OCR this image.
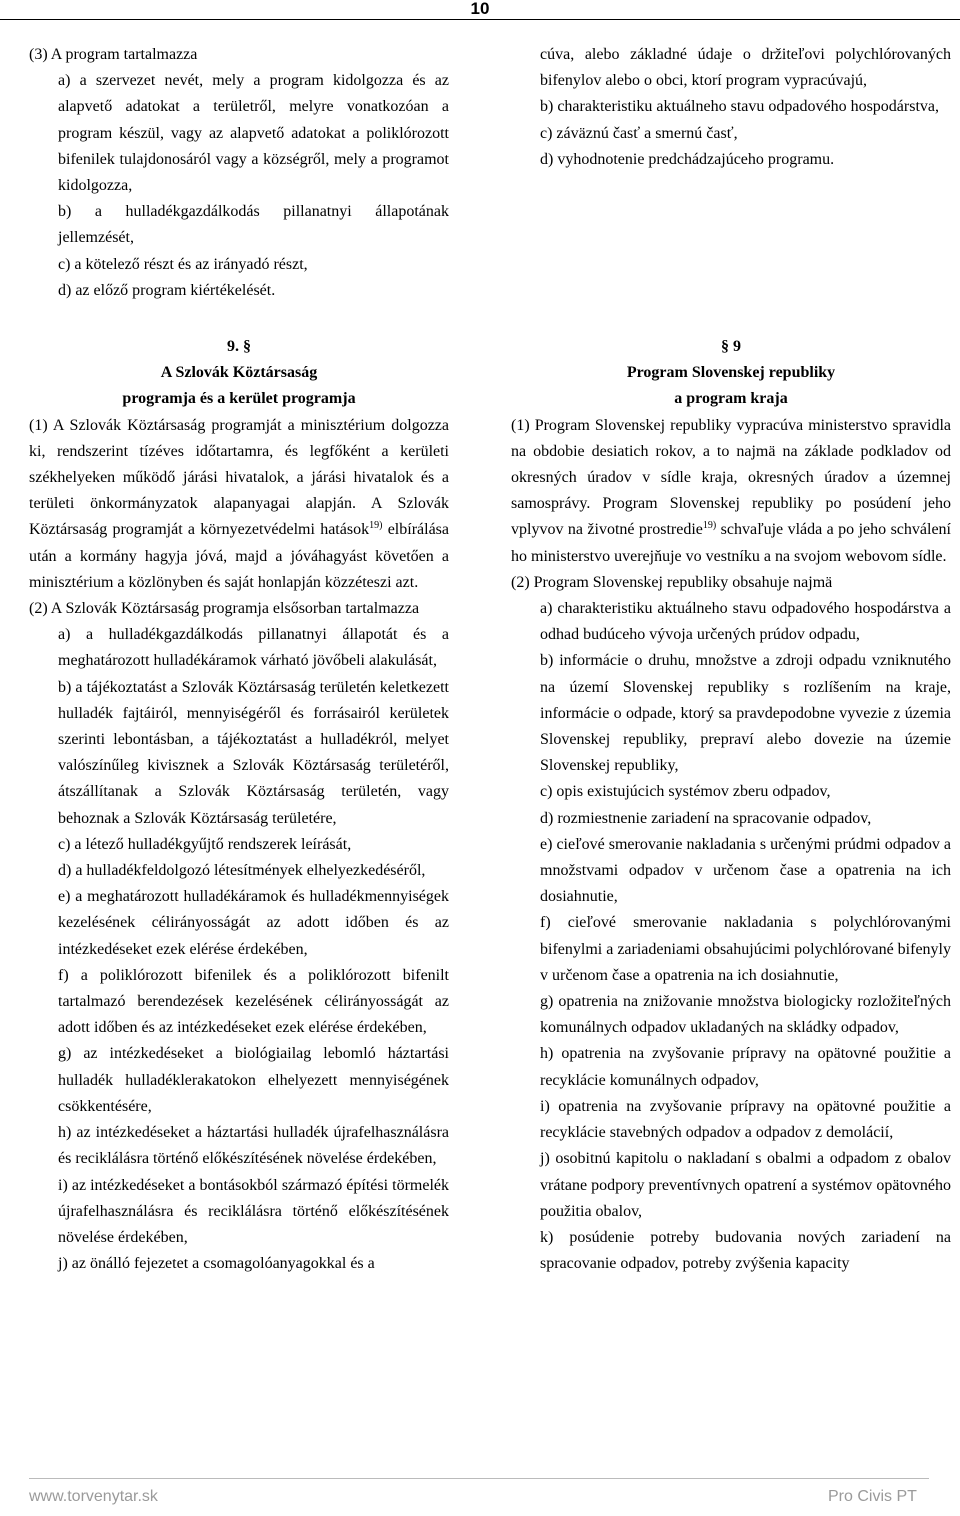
10

(3) A program tartalmazza

a) a szervezet nevét, mely a program kidolgozza és az alapvető adatokat a területről, melyre vonatkozóan a program készül, vagy az alapvető adatokat a poliklórozott bifenilek tulajdonosáról vagy a községről, mely a programot kidolgozza,

b) a hulladékgazdálkodás pillanatnyi állapotának jellemzését,

c) a kötelező részt és az irányadó részt,

d) az előző program kiértékelését.

cúva, alebo základné údaje o držiteľovi polychlórovaných bifenylov alebo o obci, ktorí program vypracúvajú,

b) charakteristiku aktuálneho stavu odpadového hospodárstva,

c) záväznú časť a smernú časť,

d) vyhodnotenie predchádzajúceho programu.

9. §

A Szlovák Köztársaság

programja és a kerület programja

(1) A Szlovák Köztársaság programját a minisztérium dolgozza ki, rendszerint tízéves időtartamra, és legfőként a kerületi székhelyeken működő járási hivatalok, a járási hivatalok és a területi önkormányzatok alapanyagai alapján. A Szlovák Köztársaság programját a környezetvédelmi hatások$^{19)}$ elbírálása után a kormány hagyja jóvá, majd a jóváhagyást követően a minisztérium a közlönyben és saját honlapján közzéteszi azt.

(2) A Szlovák Köztársaság programja elsősorban tartalmazza

a) a hulladékgazdálkodás pillanatnyi állapotát és a meghatározott hulladékáramok várható jövőbeli alakulását,

b) a tájékoztatást a Szlovák Köztársaság területén keletkezett hulladék fajtáiról, mennyiségéről és forrásairól kerületek szerinti lebontásban, a tájékoztatást a hulladékról, melyet valószínűleg kivisznek a Szlovák Köztársaság területéről, átszállítanak a Szlovák Köztársaság területén, vagy behoznak a Szlovák Köztársaság területére,

c) a létező hulladékgyűjtő rendszerek leírását,

d) a hulladékfeldolgozó létesítmények elhelyezkedéséről,

e) a meghatározott hulladékáramok és hulladékmennyiségek kezelésének célirányosságát az adott időben és az intézkedéseket ezek elérése érdekében,

f) a poliklórozott bifenilek és a poliklórozott bifenilt tartalmazó berendezések kezelésének célirányosságát az adott időben és az intézkedéseket ezek elérése érdekében,

g) az intézkedéseket a biológiailag lebomló háztartási hulladék hulladéklerakatokon elhelyezett mennyiségének csökkentésére,

h) az intézkedéseket a háztartási hulladék újrafelhasználásra és reciklálásra történő előkészítésének növelése érdekében,

i) az intézkedéseket a bontásokból származó építési törmelék újrafelhasználásra és reciklálásra történő előkészítésének növelése érdekében,

j) az önálló fejezetet a csomagolóanyagokkal és a

§ 9

Program Slovenskej republiky

a program kraja

(1) Program Slovenskej republiky vypracúva ministerstvo spravidla na obdobie desiatich rokov, a to najmä na základe podkladov od okresných úradov v sídle kraja, okresných úradov a územnej samosprávy. Program Slovenskej republiky po posúdení jeho vplyvov na životné prostredie$^{19)}$ schvaľuje vláda a po jeho schválení ho ministerstvo uverejňuje vo vestníku a na svojom webovom sídle.

(2) Program Slovenskej republiky obsahuje najmä

a) charakteristiku aktuálneho stavu odpadového hospodárstva a odhad budúceho vývoja určených prúdov odpadu,

b) informácie o druhu, množstve a zdroji odpadu vzniknutého na území Slovenskej republiky s rozlíšením na kraje, informácie o odpade, ktorý sa pravdepodobne vyvezie z územia Slovenskej republiky, prepraví alebo dovezie na územie Slovenskej republiky,

c) opis existujúcich systémov zberu odpadov,

d) rozmiestnenie zariadení na spracovanie odpadov,

e) cieľové smerovanie nakladania s určenými prúdmi odpadov a množstvami odpadov v určenom čase a opatrenia na ich dosiahnutie,

f) cieľové smerovanie nakladania s polychlórovanými bifenylmi a zariadeniami obsahujúcimi polychlórované bifenyly v určenom čase a opatrenia na ich dosiahnutie,

g) opatrenia na znižovanie množstva biologicky rozložiteľných komunálnych odpadov ukladaných na skládky odpadov,

h) opatrenia na zvyšovanie prípravy na opätovné použitie a recyklácie komunálnych odpadov,

i) opatrenia na zvyšovanie prípravy na opätovné použitie a recyklácie stavebných odpadov a odpadov z demolácií,

j) osobitnú kapitolu o nakladaní s obalmi a odpadom z obalov vrátane podpory preventívnych opatrení a systémov opätovného použitia obalov,

k) posúdenie potreby budovania nových zariadení na spracovanie odpadov, potreby zvýšenia kapacity

www.torvenytar.sk	Pro Civis PT
